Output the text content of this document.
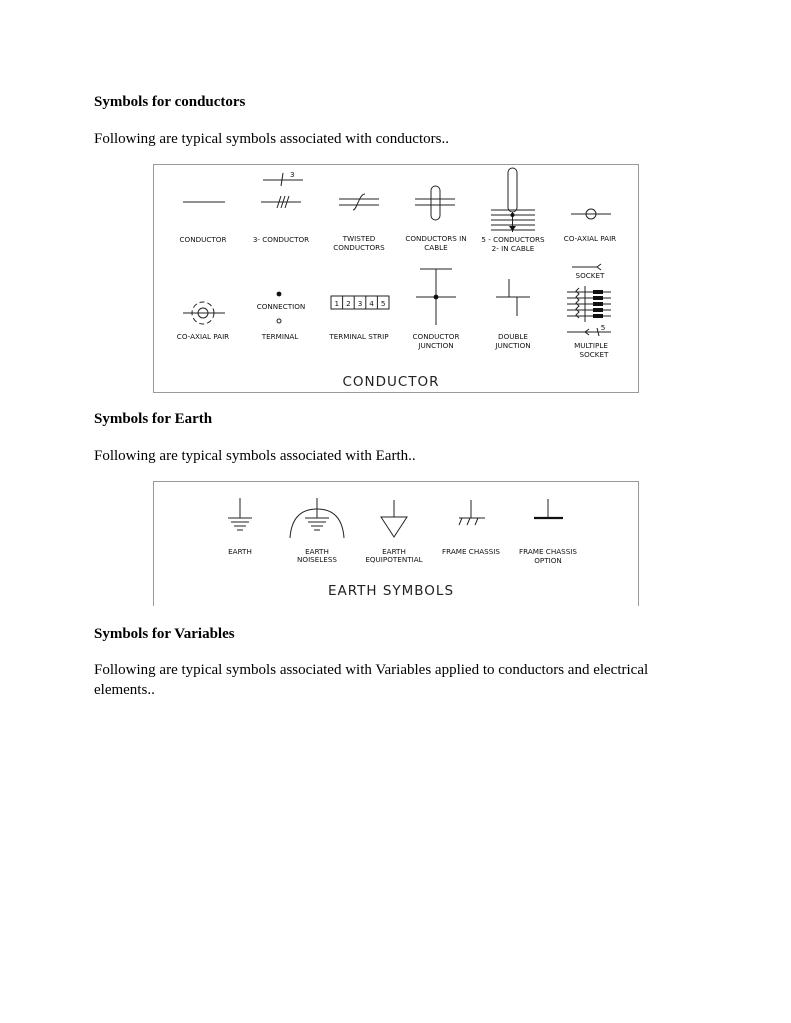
Symbols for conductors
Following are typical symbols associated with conductors..
CONDUCTOR
3
3- CONDUCTOR	TWISTED
CONDUCTORS
CONDUCTORS IN
CABLE
5 - CONDUCTORS
2- IN CABLE
CO-AXIAL PAIR
CO-AXIAL PAIR
CONNECTION
TERMINAL
1 2 3 4 5
TERMINAL STRIP	CONDUCTOR
JUNCTION
DOUBLE
JUNCTION
SOCKET
5
MULTIPLE
SOCKET
CONDUCTOR
Symbols for Earth
Following are typical symbols associated with Earth..
EARTH	EARTH
NOISELESS
EARTH
EQUIPOTENTIAL
FRAME CHASSIS	FRAME CHASSIS
OPTION
EARTH SYMBOLS
Symbols for Variables
Following are typical symbols associated with Variables applied to conductors and electrical elements..
